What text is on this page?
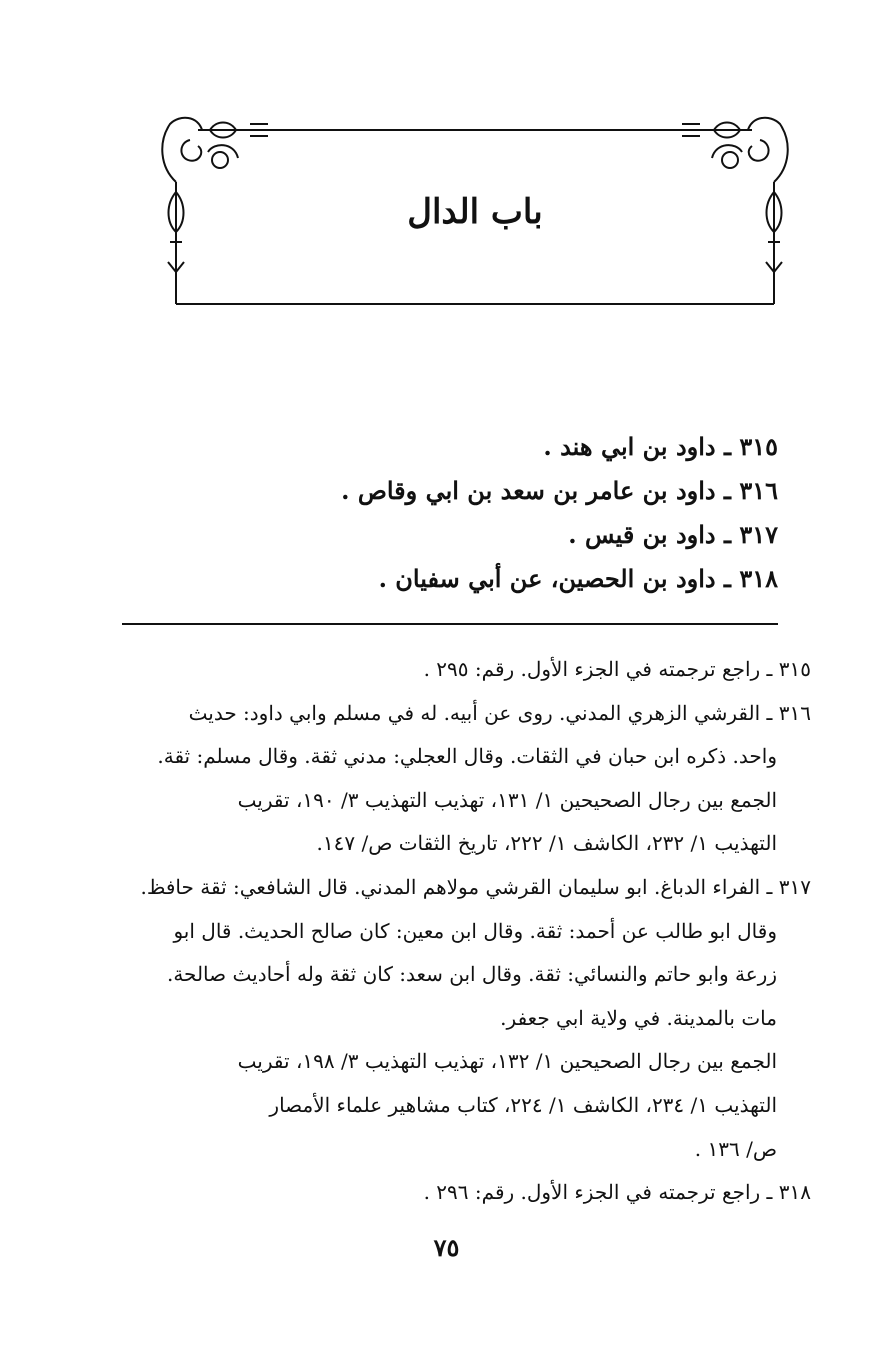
باب الدال
٣١٥ ـ داود بن ابي هند .
٣١٦ ـ داود بن عامر بن سعد بن ابي وقاص .
٣١٧ ـ داود بن قيس .
٣١٨ ـ داود بن الحصين، عن أبي سفيان .
٣١٥ ـ راجع ترجمته في الجزء الأول. رقم: ٢٩٥ .
٣١٦ ـ القرشي الزهري المدني. روى عن أبيه. له في مسلم وابي داود: حديث
واحد. ذكره ابن حبان في الثقات. وقال العجلي: مدني ثقة. وقال مسلم: ثقة.
الجمع بين رجال الصحيحين ١/ ١٣١، تهذيب التهذيب ٣/ ١٩٠، تقريب
التهذيب ١/ ٢٣٢، الكاشف ١/ ٢٢٢، تاريخ الثقات ص/ ١٤٧.
٣١٧ ـ الفراء الدباغ. ابو سليمان القرشي مولاهم المدني. قال الشافعي: ثقة حافظ.
وقال ابو طالب عن أحمد: ثقة. وقال ابن معين: كان صالح الحديث. قال ابو
زرعة وابو حاتم والنسائي: ثقة. وقال ابن سعد: كان ثقة وله أحاديث صالحة.
مات بالمدينة. في ولاية ابي جعفر.
الجمع بين رجال الصحيحين ١/ ١٣٢، تهذيب التهذيب ٣/ ١٩٨، تقريب
التهذيب ١/ ٢٣٤، الكاشف ١/ ٢٢٤، كتاب مشاهير علماء الأمصار
ص/ ١٣٦ .
٣١٨ ـ راجع ترجمته في الجزء الأول. رقم: ٢٩٦ .
٧٥
